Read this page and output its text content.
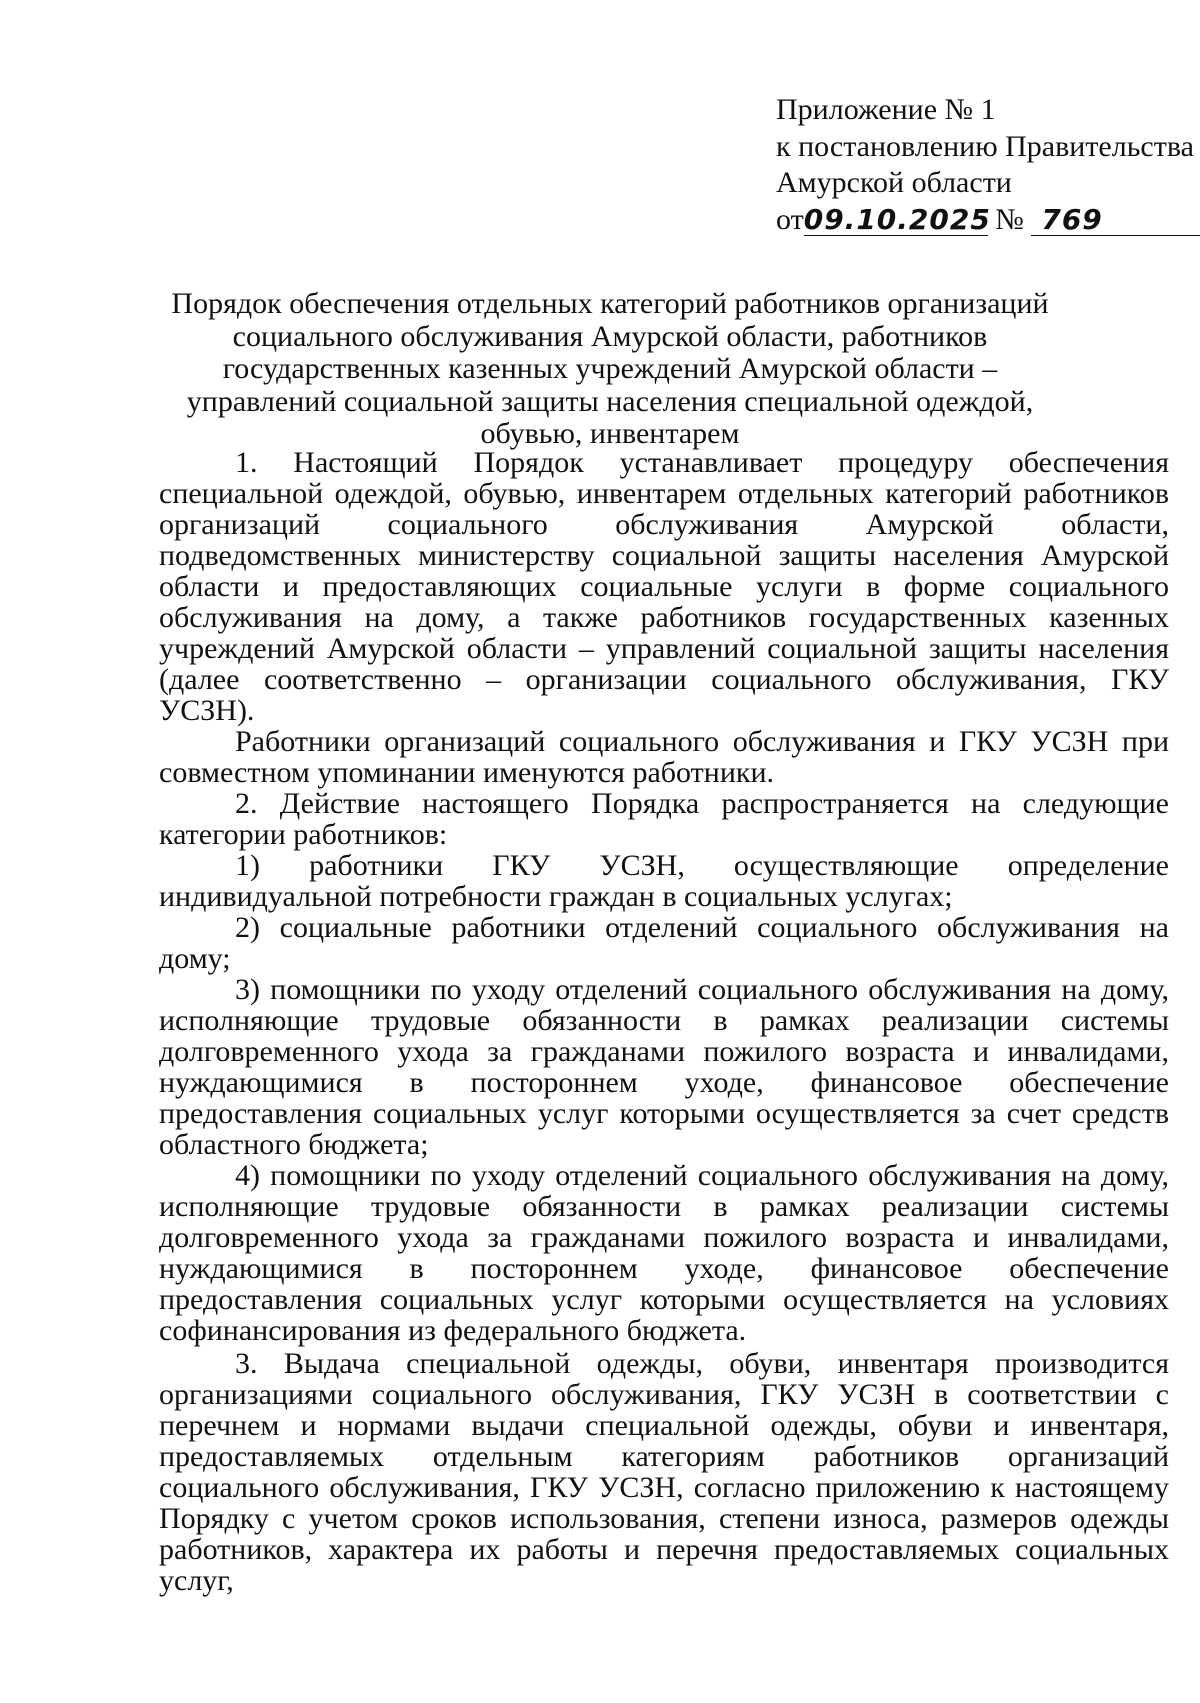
Приложение № 1
к постановлению Правительства
Амурской области
от09.10.2025 № 769
Порядок обеспечения отдельных категорий работников организаций социального обслуживания Амурской области, работников государственных казенных учреждений Амурской области – управлений социальной защиты населения специальной одеждой, обувью, инвентарем

1. Настоящий Порядок устанавливает процедуру обеспечения специальной одеждой, обувью, инвентарем отдельных категорий работников организаций социального обслуживания Амурской области, подведомственных министерству социальной защиты населения Амурской области и предоставляющих социальные услуги в форме социального обслуживания на дому, а также работников государственных казенных учреждений Амурской области – управлений социальной защиты населения (далее соответственно – организации социального обслуживания, ГКУ УСЗН).

Работники организаций социального обслуживания и ГКУ УСЗН при совместном упоминании именуются работники.

2. Действие настоящего Порядка распространяется на следующие категории работников:

1) работники ГКУ УСЗН, осуществляющие определение индивидуальной потребности граждан в социальных услугах;

2) социальные работники отделений социального обслуживания на дому;

3) помощники по уходу отделений социального обслуживания на дому, исполняющие трудовые обязанности в рамках реализации системы долговременного ухода за гражданами пожилого возраста и инвалидами, нуждающимися в постороннем уходе, финансовое обеспечение предоставления социальных услуг которыми осуществляется за счет средств областного бюджета;

4) помощники по уходу отделений социального обслуживания на дому, исполняющие трудовые обязанности в рамках реализации системы долговременного ухода за гражданами пожилого возраста и инвалидами, нуждающимися в постороннем уходе, финансовое обеспечение предоставления социальных услуг которыми осуществляется на условиях софинансирования из федерального бюджета.

3. Выдача специальной одежды, обуви, инвентаря производится организациями социального обслуживания, ГКУ УСЗН в соответствии с перечнем и нормами выдачи специальной одежды, обуви и инвентаря, предоставляемых отдельным категориям работников организаций социального обслуживания, ГКУ УСЗН, согласно приложению к настоящему Порядку с учетом сроков использования, степени износа, размеров одежды работников, характера их работы и перечня предоставляемых социальных услуг,
